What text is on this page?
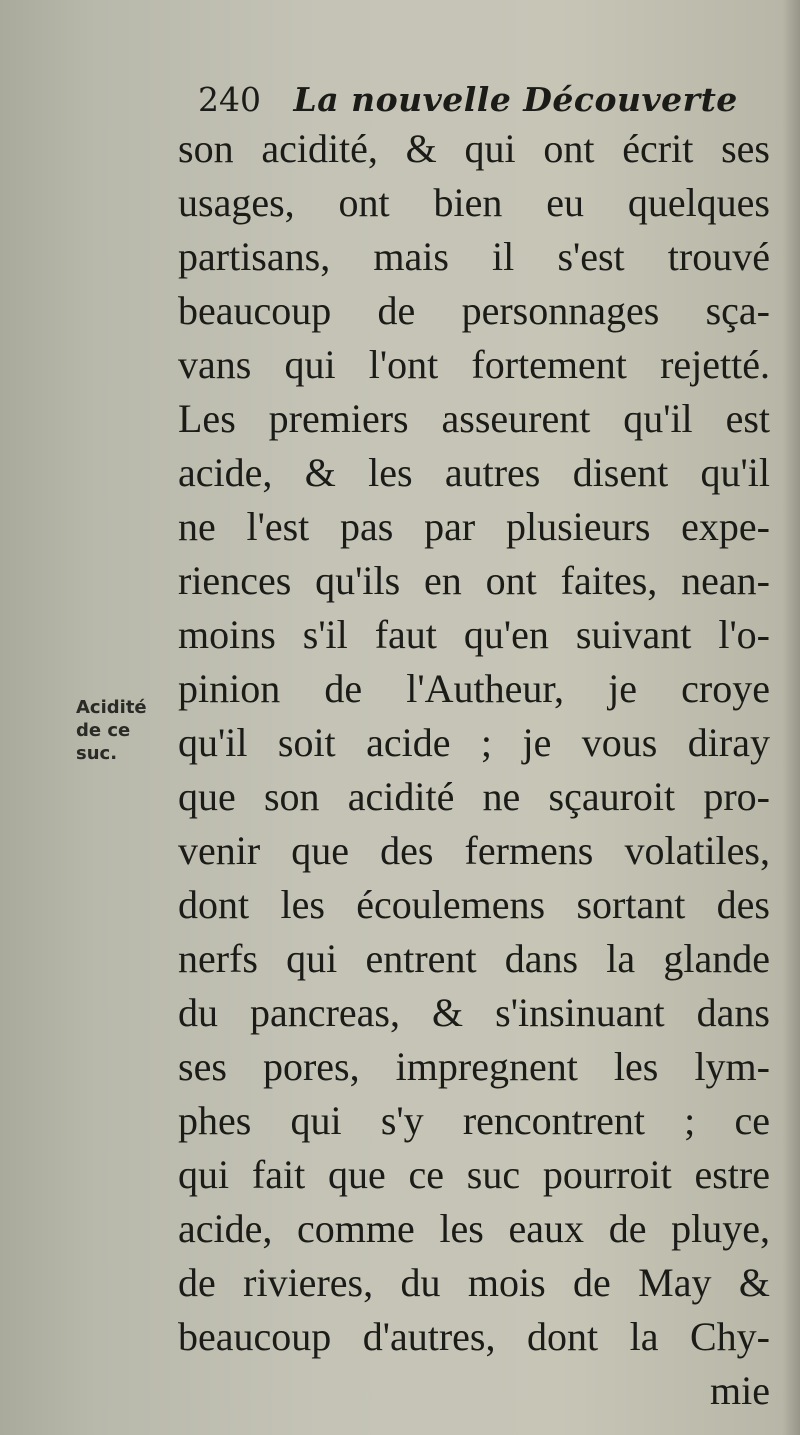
240 La nouvelle Découverte
Acidité
de ce
suc.
son acidité, & qui ont écrit ses
usages, ont bien eu quelques
partisans, mais il s'est trouvé
beaucoup de personnages sça-
vans qui l'ont fortement rejetté.
Les premiers asseurent qu'il est
acide, & les autres disent qu'il
ne l'est pas par plusieurs expe-
riences qu'ils en ont faites, nean-
moins s'il faut qu'en suivant l'o-
pinion de l'Autheur, je croye
qu'il soit acide ; je vous diray
que son acidité ne sçauroit pro-
venir que des fermens volatiles,
dont les écoulemens sortant des
nerfs qui entrent dans la glande
du pancreas, & s'insinuant dans
ses pores, impregnent les lym-
phes qui s'y rencontrent ; ce
qui fait que ce suc pourroit estre
acide, comme les eaux de pluye,
de rivieres, du mois de May &
beaucoup d'autres, dont la Chy-
mie
